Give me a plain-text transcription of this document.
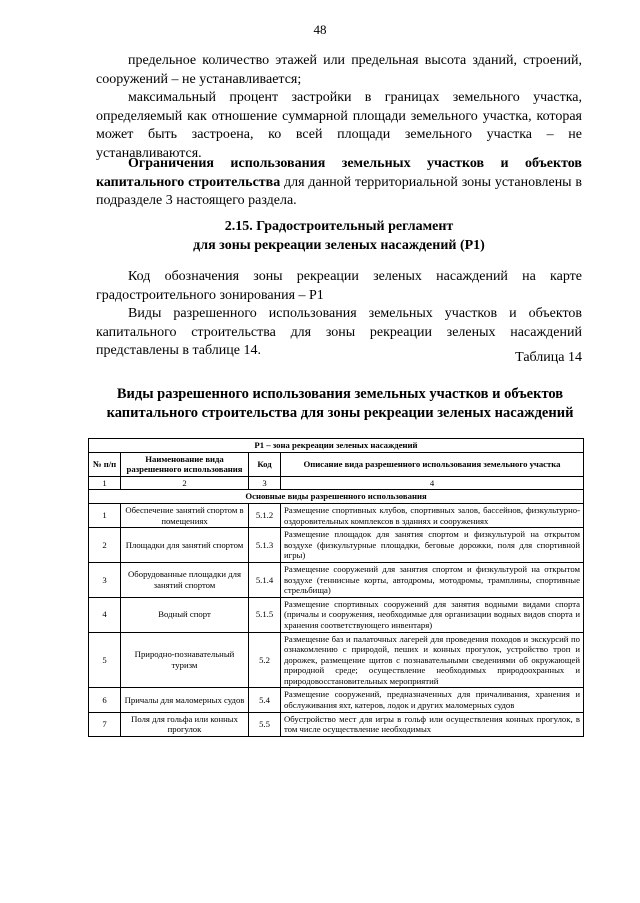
48

предельное количество этажей или предельная высота зданий, строений, сооружений – не устанавливается;

максимальный процент застройки в границах земельного участка, определяемый как отношение суммарной площади земельного участка, которая может быть застроена, ко всей площади земельного участка – не устанавливаются.

Ограничения использования земельных участков и объектов капитального строительства для данной территориальной зоны установлены в подразделе 3 настоящего раздела.

2.15. Градостроительный регламент
для зоны рекреации зеленых насаждений (Р1)

Код обозначения зоны рекреации зеленых насаждений на карте градостроительного зонирования – Р1

Виды разрешенного использования земельных участков и объектов капитального строительства для зоны рекреации зеленых насаждений представлены в таблице 14.	Таблица 14
Виды разрешенного использования земельных участков и объектов
капитального строительства для зоны рекреации зеленых насаждений
Р1 – зона рекреации зеленых насаждений			
№ п/п	Наименование вида разрешенного использования	Код	Описание вида разрешенного использования земельного участка
1	2	3	4
Основные виды разрешенного использования			
1	Обеспечение занятий спортом в помещениях	5.1.2	Размещение спортивных клубов, спортивных залов, бассейнов, физкультурно-оздоровительных комплексов в зданиях и сооружениях
2	Площадки для занятий спортом	5.1.3	Размещение площадок для занятия спортом и физкультурой на открытом воздухе (физкультурные площадки, беговые дорожки, поля для спортивной игры)
3	Оборудованные площадки для занятий спортом	5.1.4	Размещение сооружений для занятия спортом и физкультурой на открытом воздухе (теннисные корты, автодромы, мотодромы, трамплины, спортивные стрельбища)
4	Водный спорт	5.1.5	Размещение спортивных сооружений для занятия водными видами спорта (причалы и сооружения, необходимые для организации водных видов спорта и хранения соответствующего инвентаря)
5	Природно-познавательный туризм	5.2	Размещение баз и палаточных лагерей для проведения походов и экскурсий по ознакомлению с природой, пеших и конных прогулок, устройство троп и дорожек, размещение щитов с познавательными сведениями об окружающей природной среде; осуществление необходимых природоохранных и природовосстановительных мероприятий
6	Причалы для маломерных судов	5.4	Размещение сооружений, предназначенных для причаливания, хранения и обслуживания яхт, катеров, лодок и других маломерных судов
7	Поля для гольфа или конных прогулок	5.5	Обустройство мест для игры в гольф или осуществления конных прогулок, в том числе осуществление необходимых
